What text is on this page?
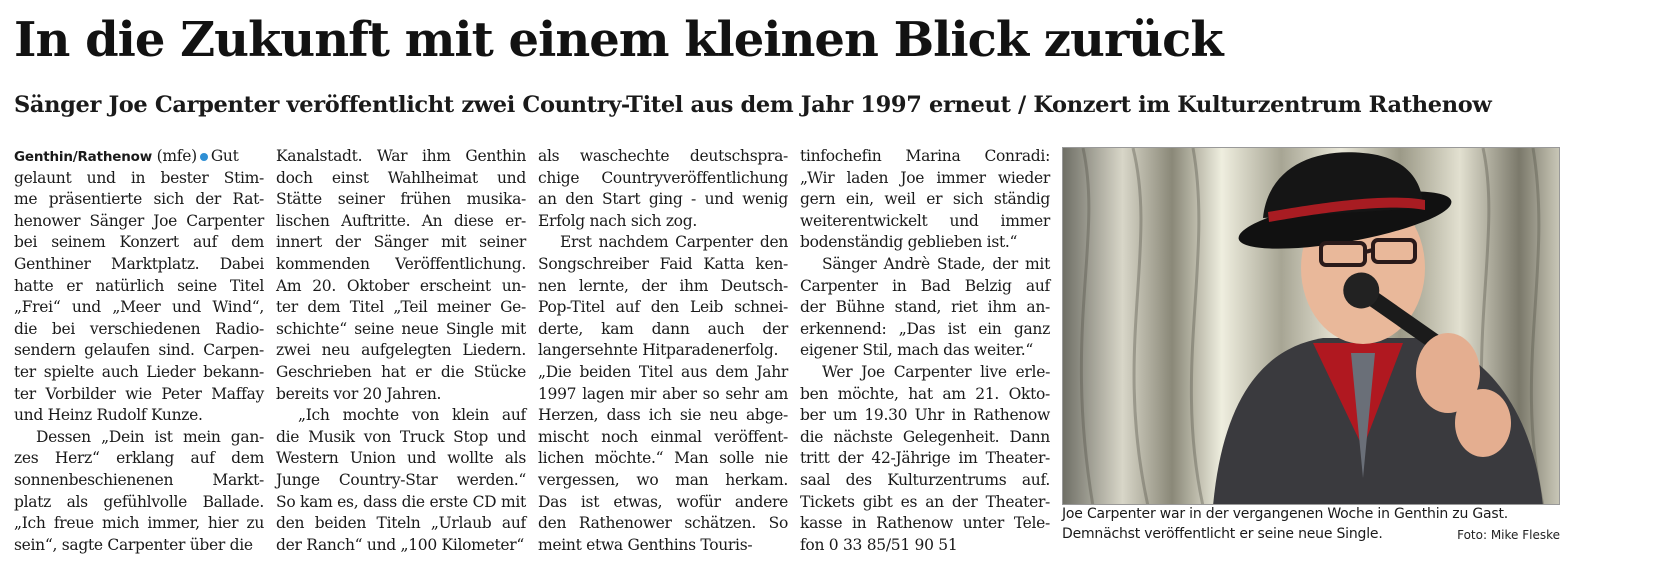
In die Zukunft mit einem kleinen Blick zurück
Sänger Joe Carpenter veröffentlicht zwei Country-Titel aus dem Jahr 1997 erneut / Konzert im Kulturzentrum Rathenow
Genthin/Rathenow (mfe) Gut
gelaunt und in bester Stim-
me präsentierte sich der Rat-
henower Sänger Joe Carpenter
bei seinem Konzert auf dem
Genthiner Marktplatz. Dabei
hatte er natürlich seine Titel
„Frei“ und „Meer und Wind“,
die bei verschiedenen Radio-
sendern gelaufen sind. Carpen-
ter spielte auch Lieder bekann-
ter Vorbilder wie Peter Maffay
und Heinz Rudolf Kunze.
Dessen „Dein ist mein gan-
zes Herz“ erklang auf dem
sonnenbeschienenen Markt-
platz als gefühlvolle Ballade.
„Ich freue mich immer, hier zu
sein“, sagte Carpenter über die
Kanalstadt. War ihm Genthin
doch einst Wahlheimat und
Stätte seiner frühen musika-
lischen Auftritte. An diese er-
innert der Sänger mit seiner
kommenden Veröffentlichung.
Am 20. Oktober erscheint un-
ter dem Titel „Teil meiner Ge-
schichte“ seine neue Single mit
zwei neu aufgelegten Liedern.
Geschrieben hat er die Stücke
bereits vor 20 Jahren.
„Ich mochte von klein auf
die Musik von Truck Stop und
Western Union und wollte als
Junge Country-Star werden.“
So kam es, dass die erste CD mit
den beiden Titeln „Urlaub auf
der Ranch“ und „100 Kilometer“
als waschechte deutschspra-
chige Countryveröffentlichung
an den Start ging - und wenig
Erfolg nach sich zog.
Erst nachdem Carpenter den
Songschreiber Faid Katta ken-
nen lernte, der ihm Deutsch-
Pop-Titel auf den Leib schnei-
derte, kam dann auch der
langersehnte Hitparadenerfolg.
„Die beiden Titel aus dem Jahr
1997 lagen mir aber so sehr am
Herzen, dass ich sie neu abge-
mischt noch einmal veröffent-
lichen möchte.“ Man solle nie
vergessen, wo man herkam.
Das ist etwas, wofür andere
den Rathenower schätzen. So
meint etwa Genthins Touris-
tinfochefin Marina Conradi:
„Wir laden Joe immer wieder
gern ein, weil er sich ständig
weiterentwickelt und immer
bodenständig geblieben ist.“
Sänger Andrè Stade, der mit
Carpenter in Bad Belzig auf
der Bühne stand, riet ihm an-
erkennend: „Das ist ein ganz
eigener Stil, mach das weiter.“
Wer Joe Carpenter live erle-
ben möchte, hat am 21. Okto-
ber um 19.30 Uhr in Rathenow
die nächste Gelegenheit. Dann
tritt der 42-Jährige im Theater-
saal des Kulturzentrums auf.
Tickets gibt es an der Theater-
kasse in Rathenow unter Tele-
fon 0 33 85/51 90 51
Joe Carpenter war in der vergangenen Woche in Genthin zu Gast.
Demnächst veröffentlicht er seine neue Single.	Foto: Mike Fleske
